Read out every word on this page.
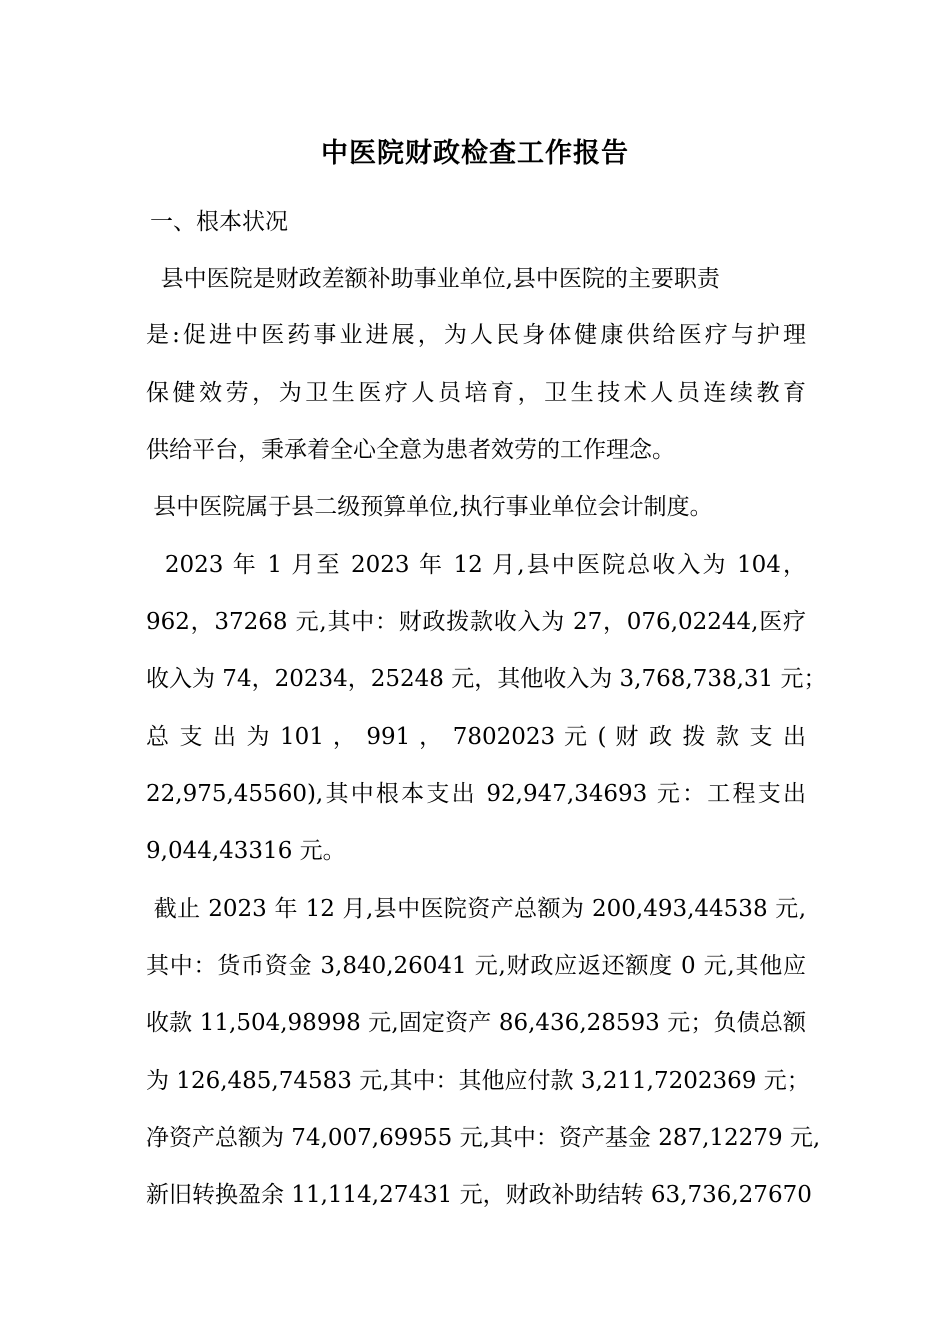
中医院财政检查工作报告
一、根本状况
县中医院是财政差额补助事业单位,县中医院的主要职责
是:促进中医药事业进展，为人民身体健康供给医疗与护理
保健效劳，为卫生医疗人员培育，卫生技术人员连续教育
供给平台，秉承着全心全意为患者效劳的工作理念。
县中医院属于县二级预算单位,执行事业单位会计制度。
2023 年 1 月至 2023 年 12 月,县中医院总收入为 104，
962，37268 元,其中：财政拨款收入为 27，076,02244,医疗
收入为 74，20234，25248 元，其他收入为 3,768,738,31 元；
总 支 出 为 101 ， 991 ， 7802023 元 ( 财 政 拨 款 支 出
22,975,45560),其中根本支出 92,947,34693 元：工程支出
9,044,43316 元。
截止 2023 年 12 月,县中医院资产总额为 200,493,44538 元,
其中：货币资金 3,840,26041 元,财政应返还额度 0 元,其他应
收款 11,504,98998 元,固定资产 86,436,28593 元；负债总额
为 126,485,74583 元,其中：其他应付款 3,211,7202369 元；
净资产总额为 74,007,69955 元,其中：资产基金 287,12279 元,
新旧转换盈余 11,114,27431 元，财政补助结转 63,736,27670
